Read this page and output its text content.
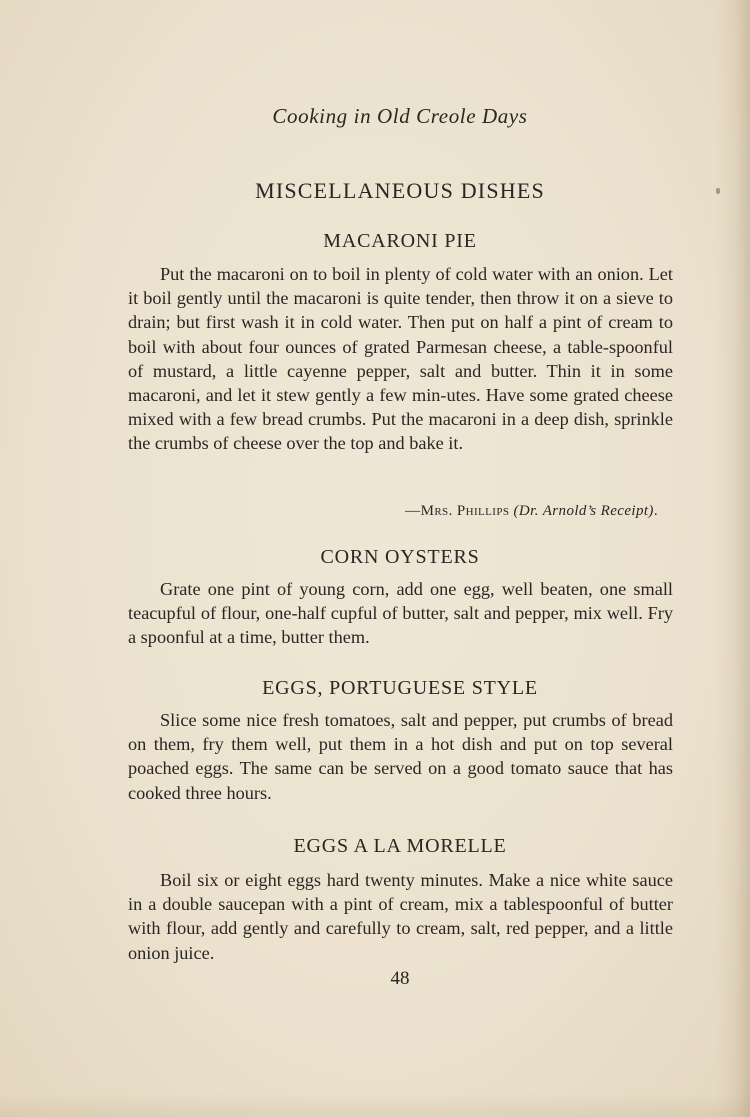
Cooking in Old Creole Days
MISCELLANEOUS DISHES
MACARONI PIE

Put the macaroni on to boil in plenty of cold water with an onion. Let it boil gently until the macaroni is quite tender, then throw it on a sieve to drain; but first wash it in cold water. Then put on half a pint of cream to boil with about four ounces of grated Parmesan cheese, a table-spoonful of mustard, a little cayenne pepper, salt and butter. Thin it in some macaroni, and let it stew gently a few min-utes. Have some grated cheese mixed with a few bread crumbs. Put the macaroni in a deep dish, sprinkle the crumbs of cheese over the top and bake it.

—Mrs. Phillips (Dr. Arnold’s Receipt).
CORN OYSTERS

Grate one pint of young corn, add one egg, well beaten, one small teacupful of flour, one-half cupful of butter, salt and pepper, mix well. Fry a spoonful at a time, butter them.

EGGS, PORTUGUESE STYLE

Slice some nice fresh tomatoes, salt and pepper, put crumbs of bread on them, fry them well, put them in a hot dish and put on top several poached eggs. The same can be served on a good tomato sauce that has cooked three hours.

EGGS A LA MORELLE

Boil six or eight eggs hard twenty minutes. Make a nice white sauce in a double saucepan with a pint of cream, mix a tablespoonful of butter with flour, add gently and carefully to cream, salt, red pepper, and a little onion juice.

48
